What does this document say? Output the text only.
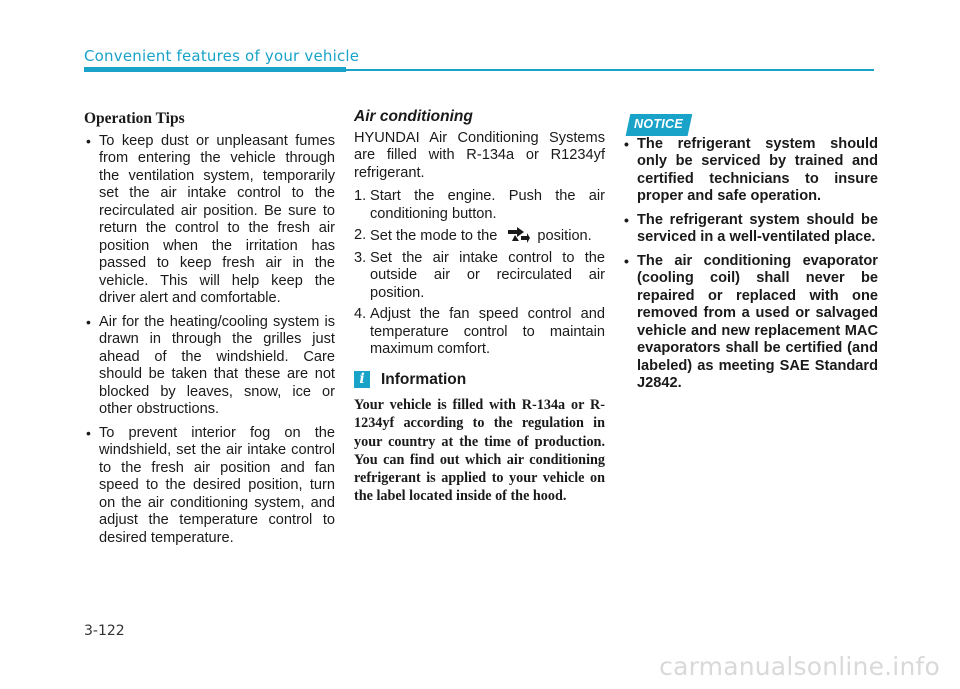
Convenient features of your vehicle
Operation Tips
• To keep dust or unpleasant fumes from entering the vehicle through the ventilation system, temporarily set the air intake control to the recirculated air position. Be sure to return the control to the fresh air position when the irritation has passed to keep fresh air in the vehicle. This will help keep the driver alert and comfortable.
• Air for the heating/cooling system is drawn in through the grilles just ahead of the windshield. Care should be taken that these are not blocked by leaves, snow, ice or other obstructions.
• To prevent interior fog on the windshield, set the air intake control to the fresh air position and fan speed to the desired position, turn on the air conditioning system, and adjust the temperature control to desired temperature.
Air conditioning
HYUNDAI Air Conditioning Systems are filled with R-134a or R1234yf refrigerant.
1. Start the engine. Push the air conditioning button.
2. Set the mode to the	position.
3. Set the air intake control to the outside air or recirculated air position.
4. Adjust the fan speed control and temperature control to maintain maximum comfort.
i	Information
Your vehicle is filled with R-134a or R-1234yf according to the regulation in your country at the time of production. You can find out which air conditioning refrigerant is applied to your vehicle on the label located inside of the hood.
NOTICE
• The refrigerant system should only be serviced by trained and certified technicians to insure proper and safe operation.
• The refrigerant system should be serviced in a well-ventilated place.
• The air conditioning evaporator (cooling coil) shall never be repaired or replaced with one removed from a used or salvaged vehicle and new replacement MAC evaporators shall be certified (and labeled) as meeting SAE Standard J2842.
3-122
carmanualsonline.info
